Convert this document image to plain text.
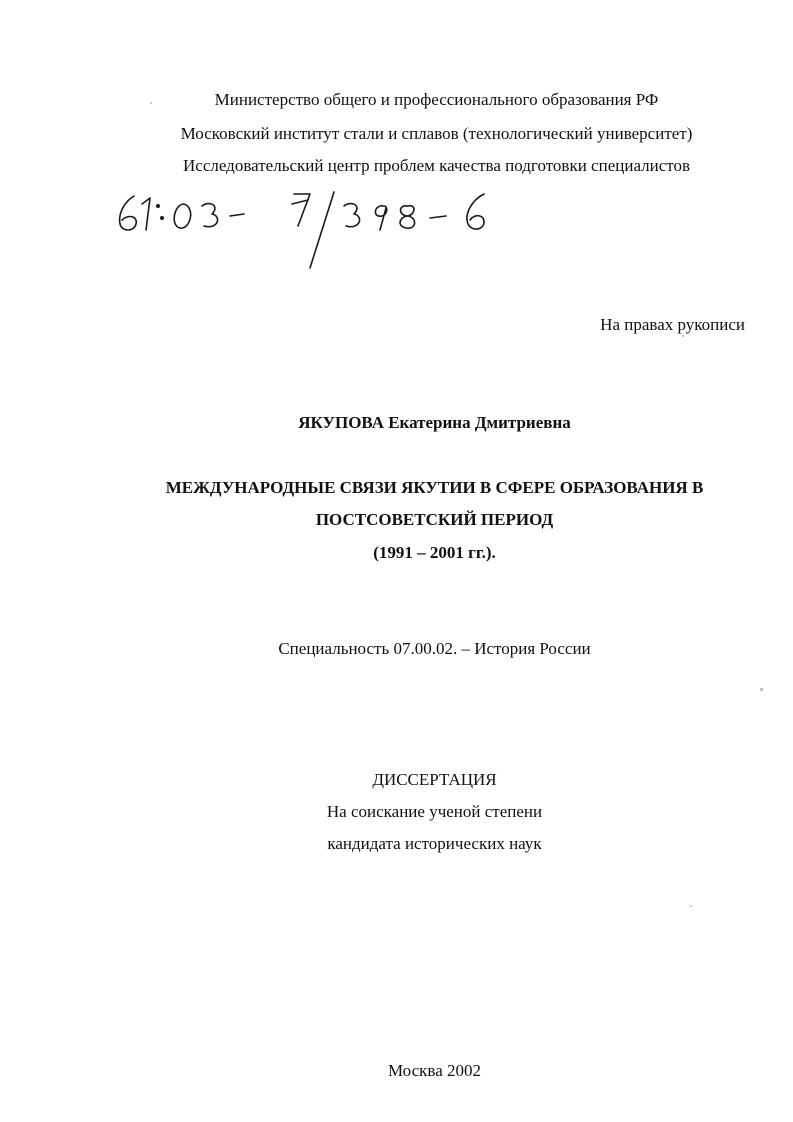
Министерство общего и профессионального образования РФ
Московский институт стали и сплавов (технологический университет)
Исследовательский центр проблем качества подготовки специалистов
На правах рукописи
ЯКУПОВА Екатерина Дмитриевна
МЕЖДУНАРОДНЫЕ СВЯЗИ ЯКУТИИ В СФЕРЕ ОБРАЗОВАНИЯ В
ПОСТСОВЕТСКИЙ ПЕРИОД
(1991 – 2001 гг.).
Специальность 07.00.02. – История России
ДИССЕРТАЦИЯ
На соискание ученой степени
кандидата исторических наук
Москва 2002
